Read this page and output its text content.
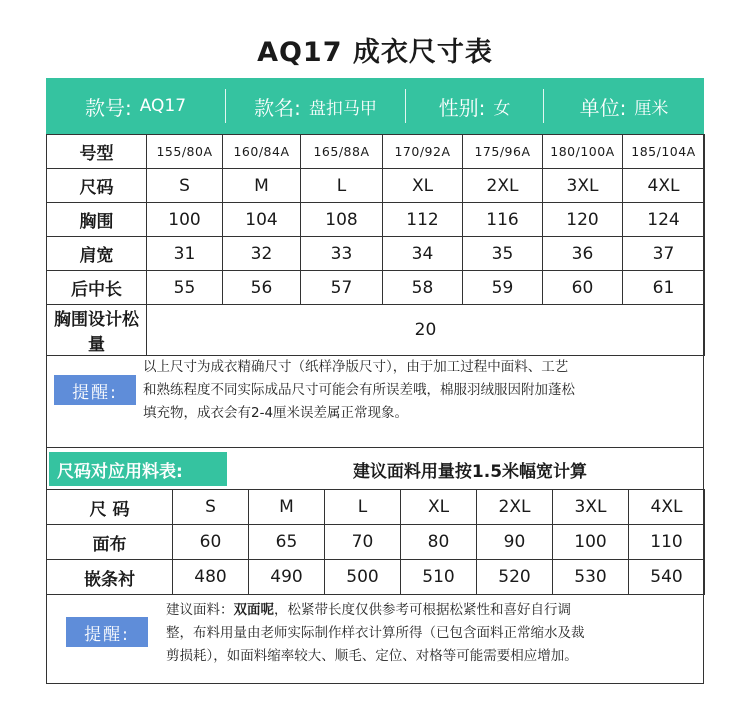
AQ17 成衣尺寸表
款号: AQ17	款名: 盘扣马甲	性别: 女	单位: 厘米
号型	155/80A	160/84A	165/88A	170/92A	175/96A	180/100A	185/104A
尺码	S	M	L	XL	2XL	3XL	4XL
胸围	100	104	108	112	116	120	124
肩宽	31	32	33	34	35	36	37
后中长	55	56	57	58	59	60	61
胸围设计松量	20						
提醒:
以上尺寸为成衣精确尺寸（纸样净版尺寸），由于加工过程中面料、工艺
和熟练程度不同实际成品尺寸可能会有所误差哦，棉服羽绒服因附加蓬松
填充物，成衣会有2-4厘米误差属正常现象。
尺码对应用料表:	建议面料用量按1.5米幅宽计算
尺 码	S	M	L	XL	2XL	3XL	4XL
面布	60	65	70	80	90	100	110
嵌条衬	480	490	500	510	520	530	540
提醒:
建议面料：双面呢，松紧带长度仅供参考可根据松紧性和喜好自行调
整，布料用量由老师实际制作样衣计算所得（已包含面料正常缩水及裁
剪损耗），如面料缩率较大、顺毛、定位、对格等可能需要相应增加。
